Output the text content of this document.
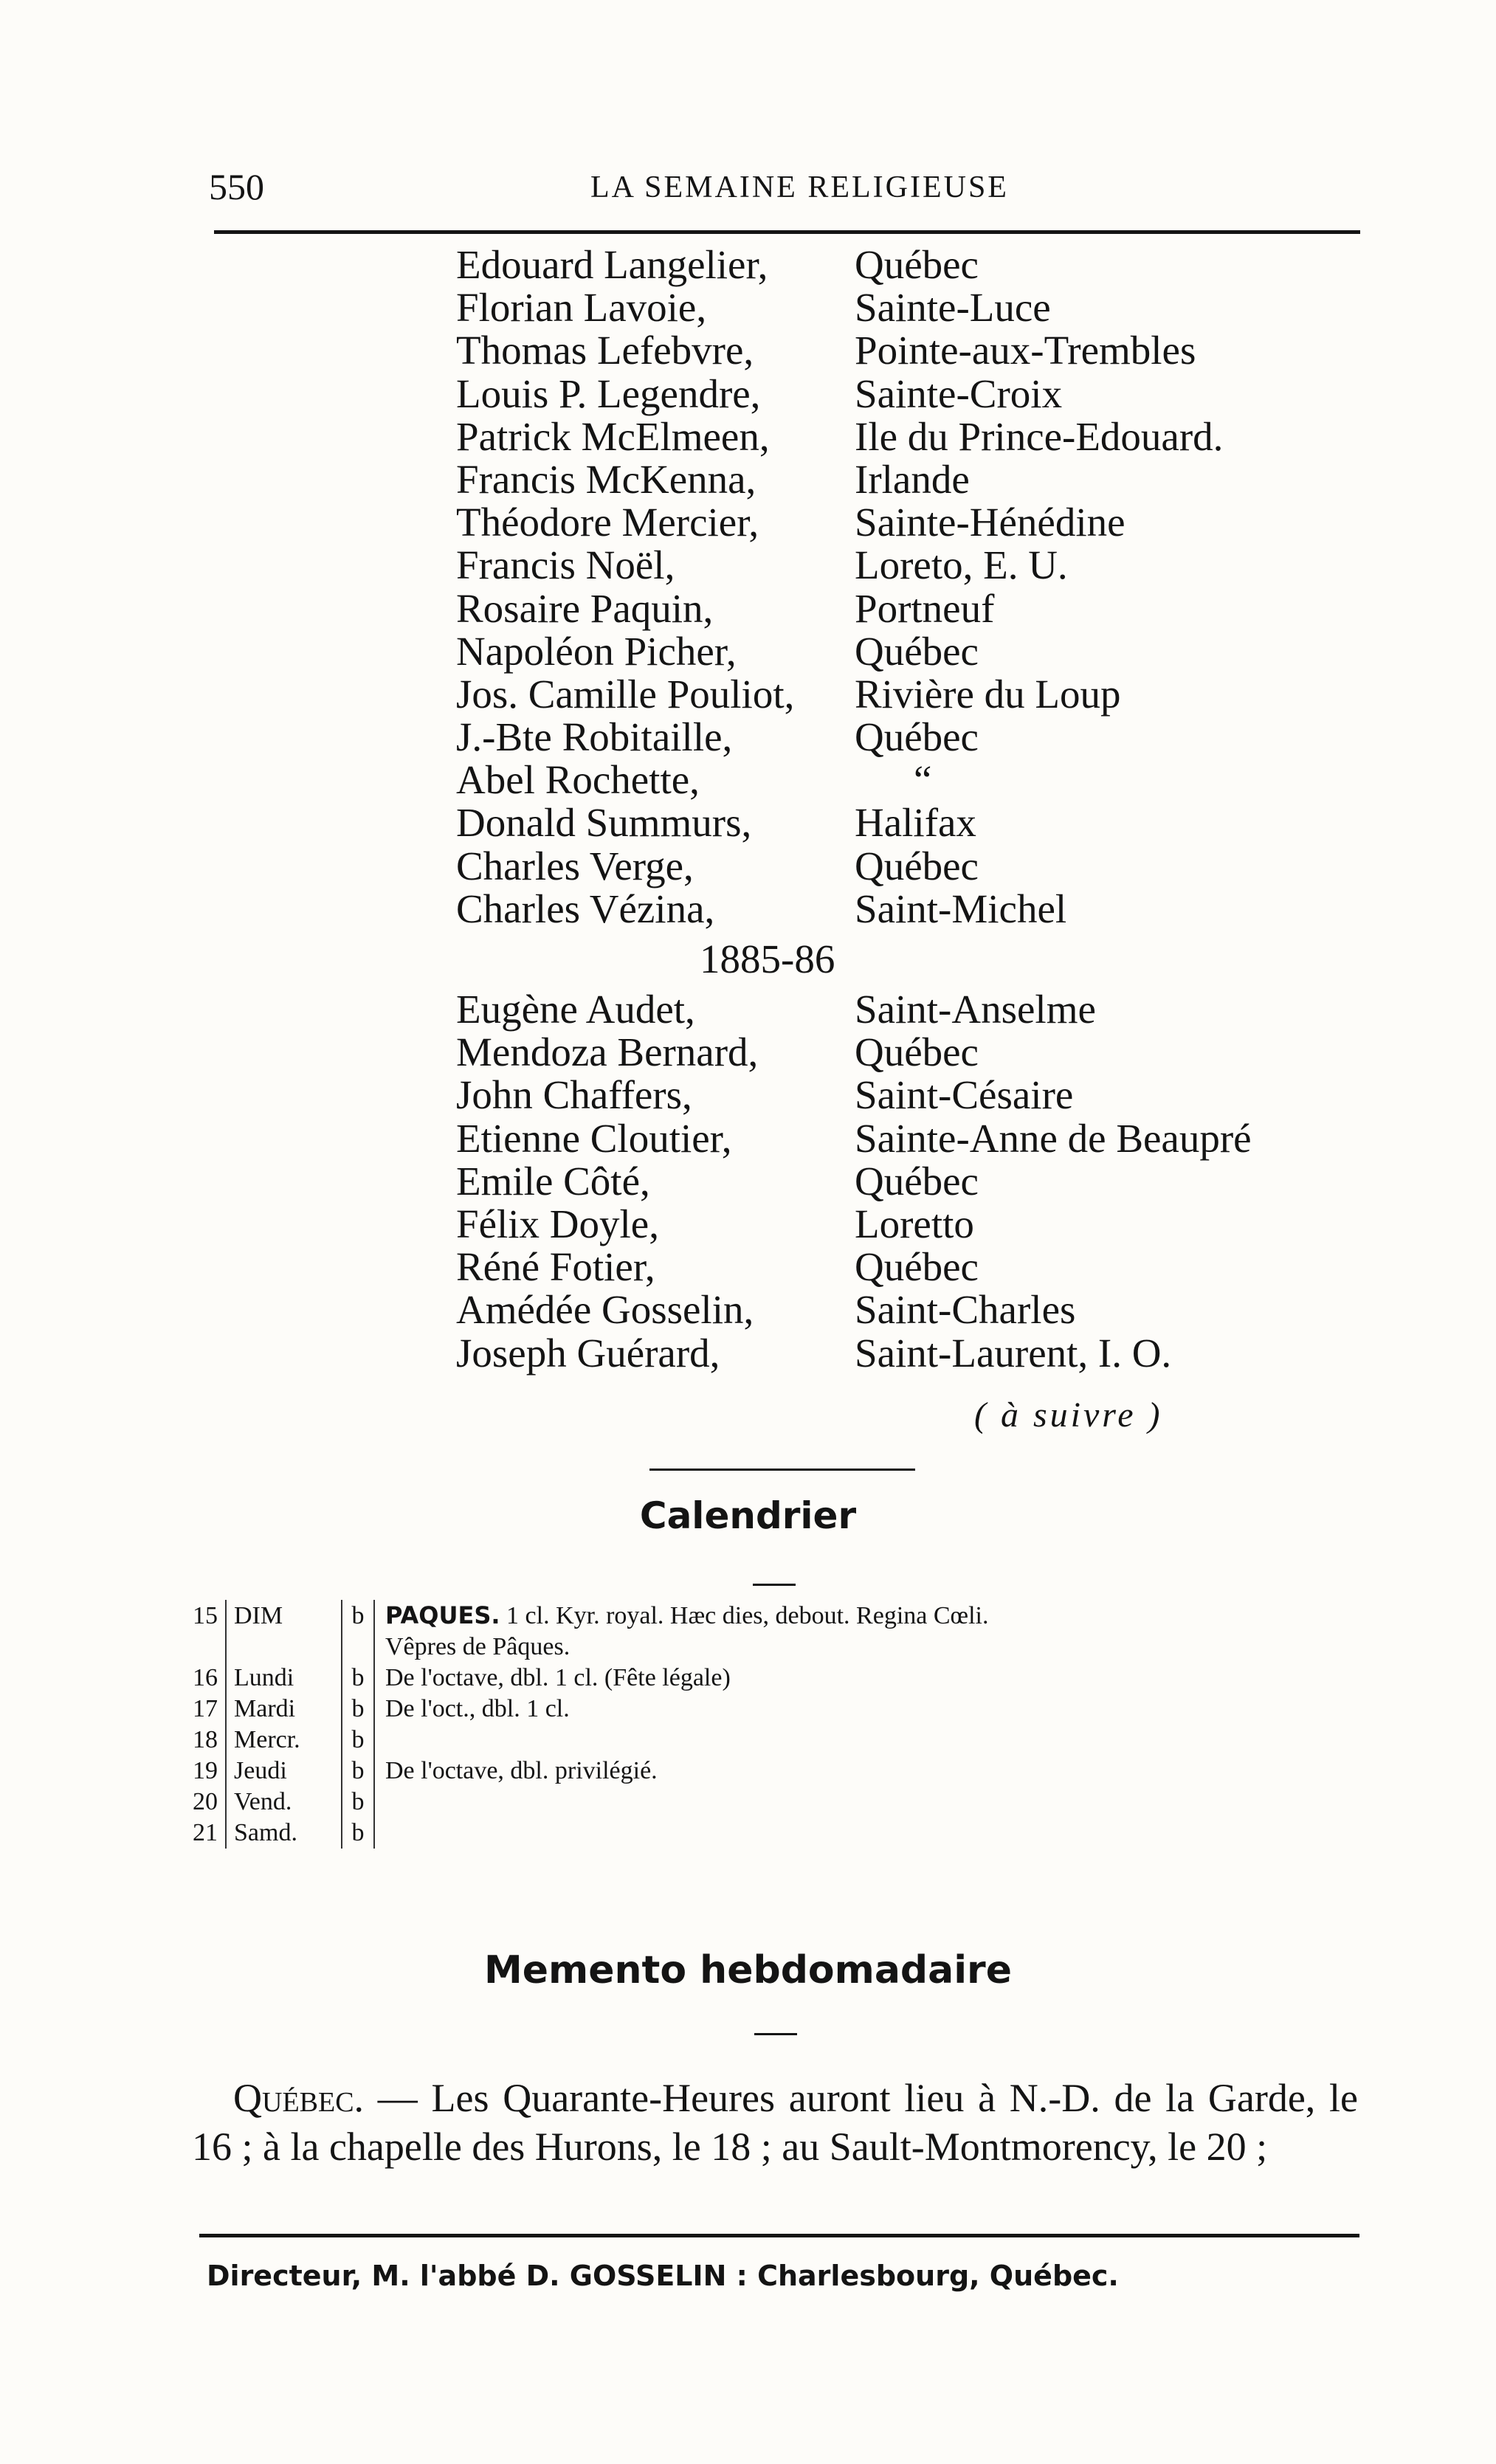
550	LA SEMAINE RELIGIEUSE
Edouard Langelier,	Québec
Florian Lavoie,	Sainte-Luce
Thomas Lefebvre,	Pointe-aux-Trembles
Louis P. Legendre,	Sainte-Croix
Patrick McElmeen,	Ile du Prince-Edouard.
Francis McKenna,	Irlande
Théodore Mercier,	Sainte-Hénédine
Francis Noël,	Loreto, E. U.
Rosaire Paquin,	Portneuf
Napoléon Picher,	Québec
Jos. Camille Pouliot,	Rivière du Loup
J.-Bte Robitaille,	Québec
Abel Rochette,	“
Donald Summurs,	Halifax
Charles Verge,	Québec
Charles Vézina,	Saint-Michel
1885-86
Eugène Audet,	Saint-Anselme
Mendoza Bernard,	Québec
John Chaffers,	Saint-Césaire
Etienne Cloutier,	Sainte-Anne de Beaupré
Emile Côté,	Québec
Félix Doyle,	Loretto
Réné Fotier,	Québec
Amédée Gosselin,	Saint-Charles
Joseph Guérard,	Saint-Laurent, I. O.
( à suivre )
Calendrier
15	DIM	b	PAQUES. 1 cl. Kyr. royal. Hæc dies, debout. Regina Cœli.
			Vêpres de Pâques.
16	Lundi	b	De l'octave, dbl. 1 cl. (Fête légale)
17	Mardi	b	De l'oct., dbl. 1 cl.
18	Mercr.	b	
19	Jeudi	b	De l'octave, dbl. privilégié.
20	Vend.	b	
21	Samd.	b	
Memento hebdomadaire
Québec. — Les Quarante-Heures auront lieu à N.-D. de la Garde, le 16 ; à la chapelle des Hurons, le 18 ; au Sault-Montmorency, le 20 ;
Directeur, M. l'abbé D. GOSSELIN : Charlesbourg, Québec.
